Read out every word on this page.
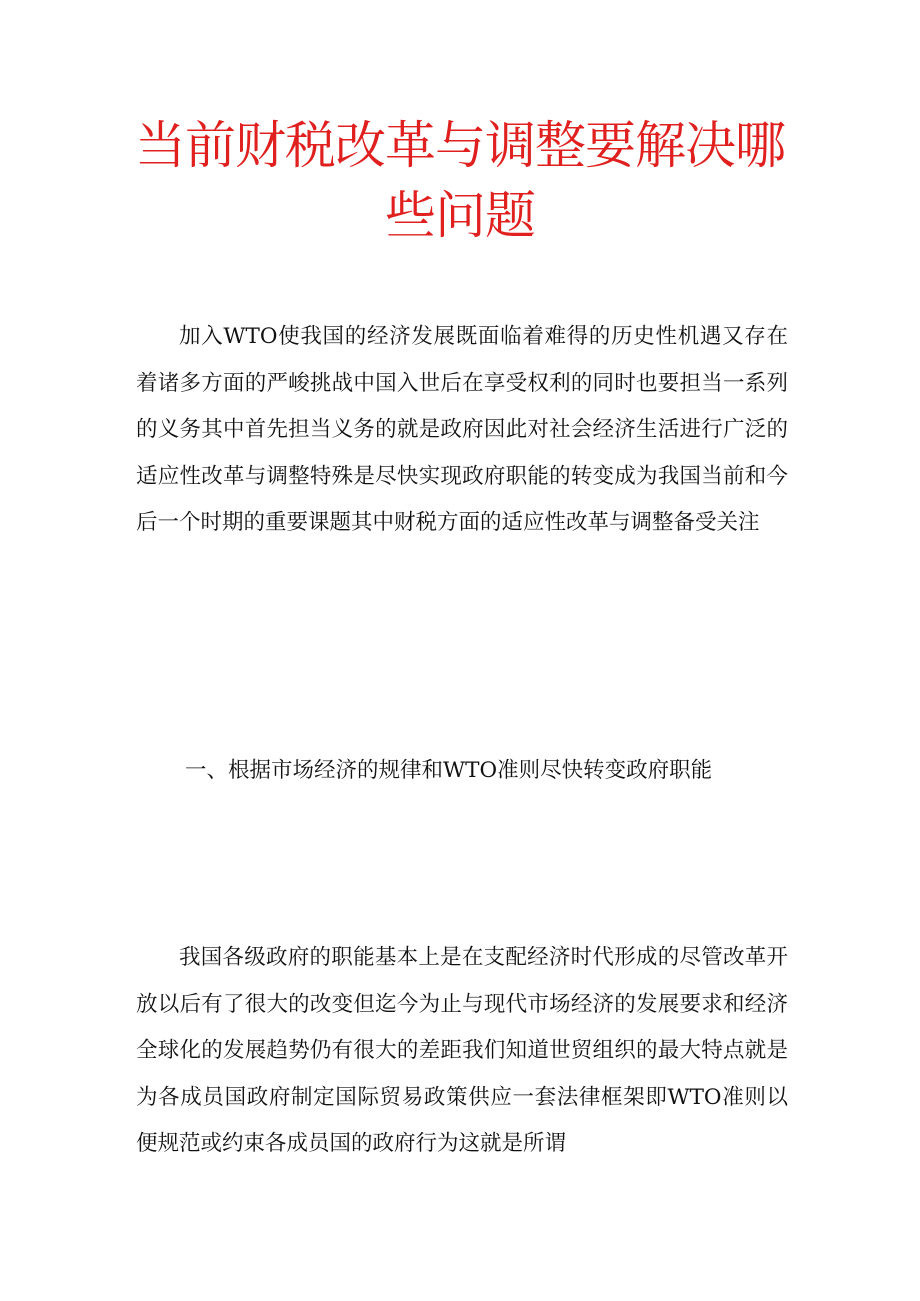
当前财税改革与调整要解决哪些问题

加入WTO使我国的经济发展既面临着难得的历史性机遇又存在着诸多方面的严峻挑战中国入世后在享受权利的同时也要担当一系列的义务其中首先担当义务的就是政府因此对社会经济生活进行广泛的适应性改革与调整特殊是尽快实现政府职能的转变成为我国当前和今后一个时期的重要课题其中财税方面的适应性改革与调整备受关注

一、根据市场经济的规律和WTO准则尽快转变政府职能

我国各级政府的职能基本上是在支配经济时代形成的尽管改革开放以后有了很大的改变但迄今为止与现代市场经济的发展要求和经济全球化的发展趋势仍有很大的差距我们知道世贸组织的最大特点就是为各成员国政府制定国际贸易政策供应一套法律框架即WTO准则以便规范或约束各成员国的政府行为这就是所谓
